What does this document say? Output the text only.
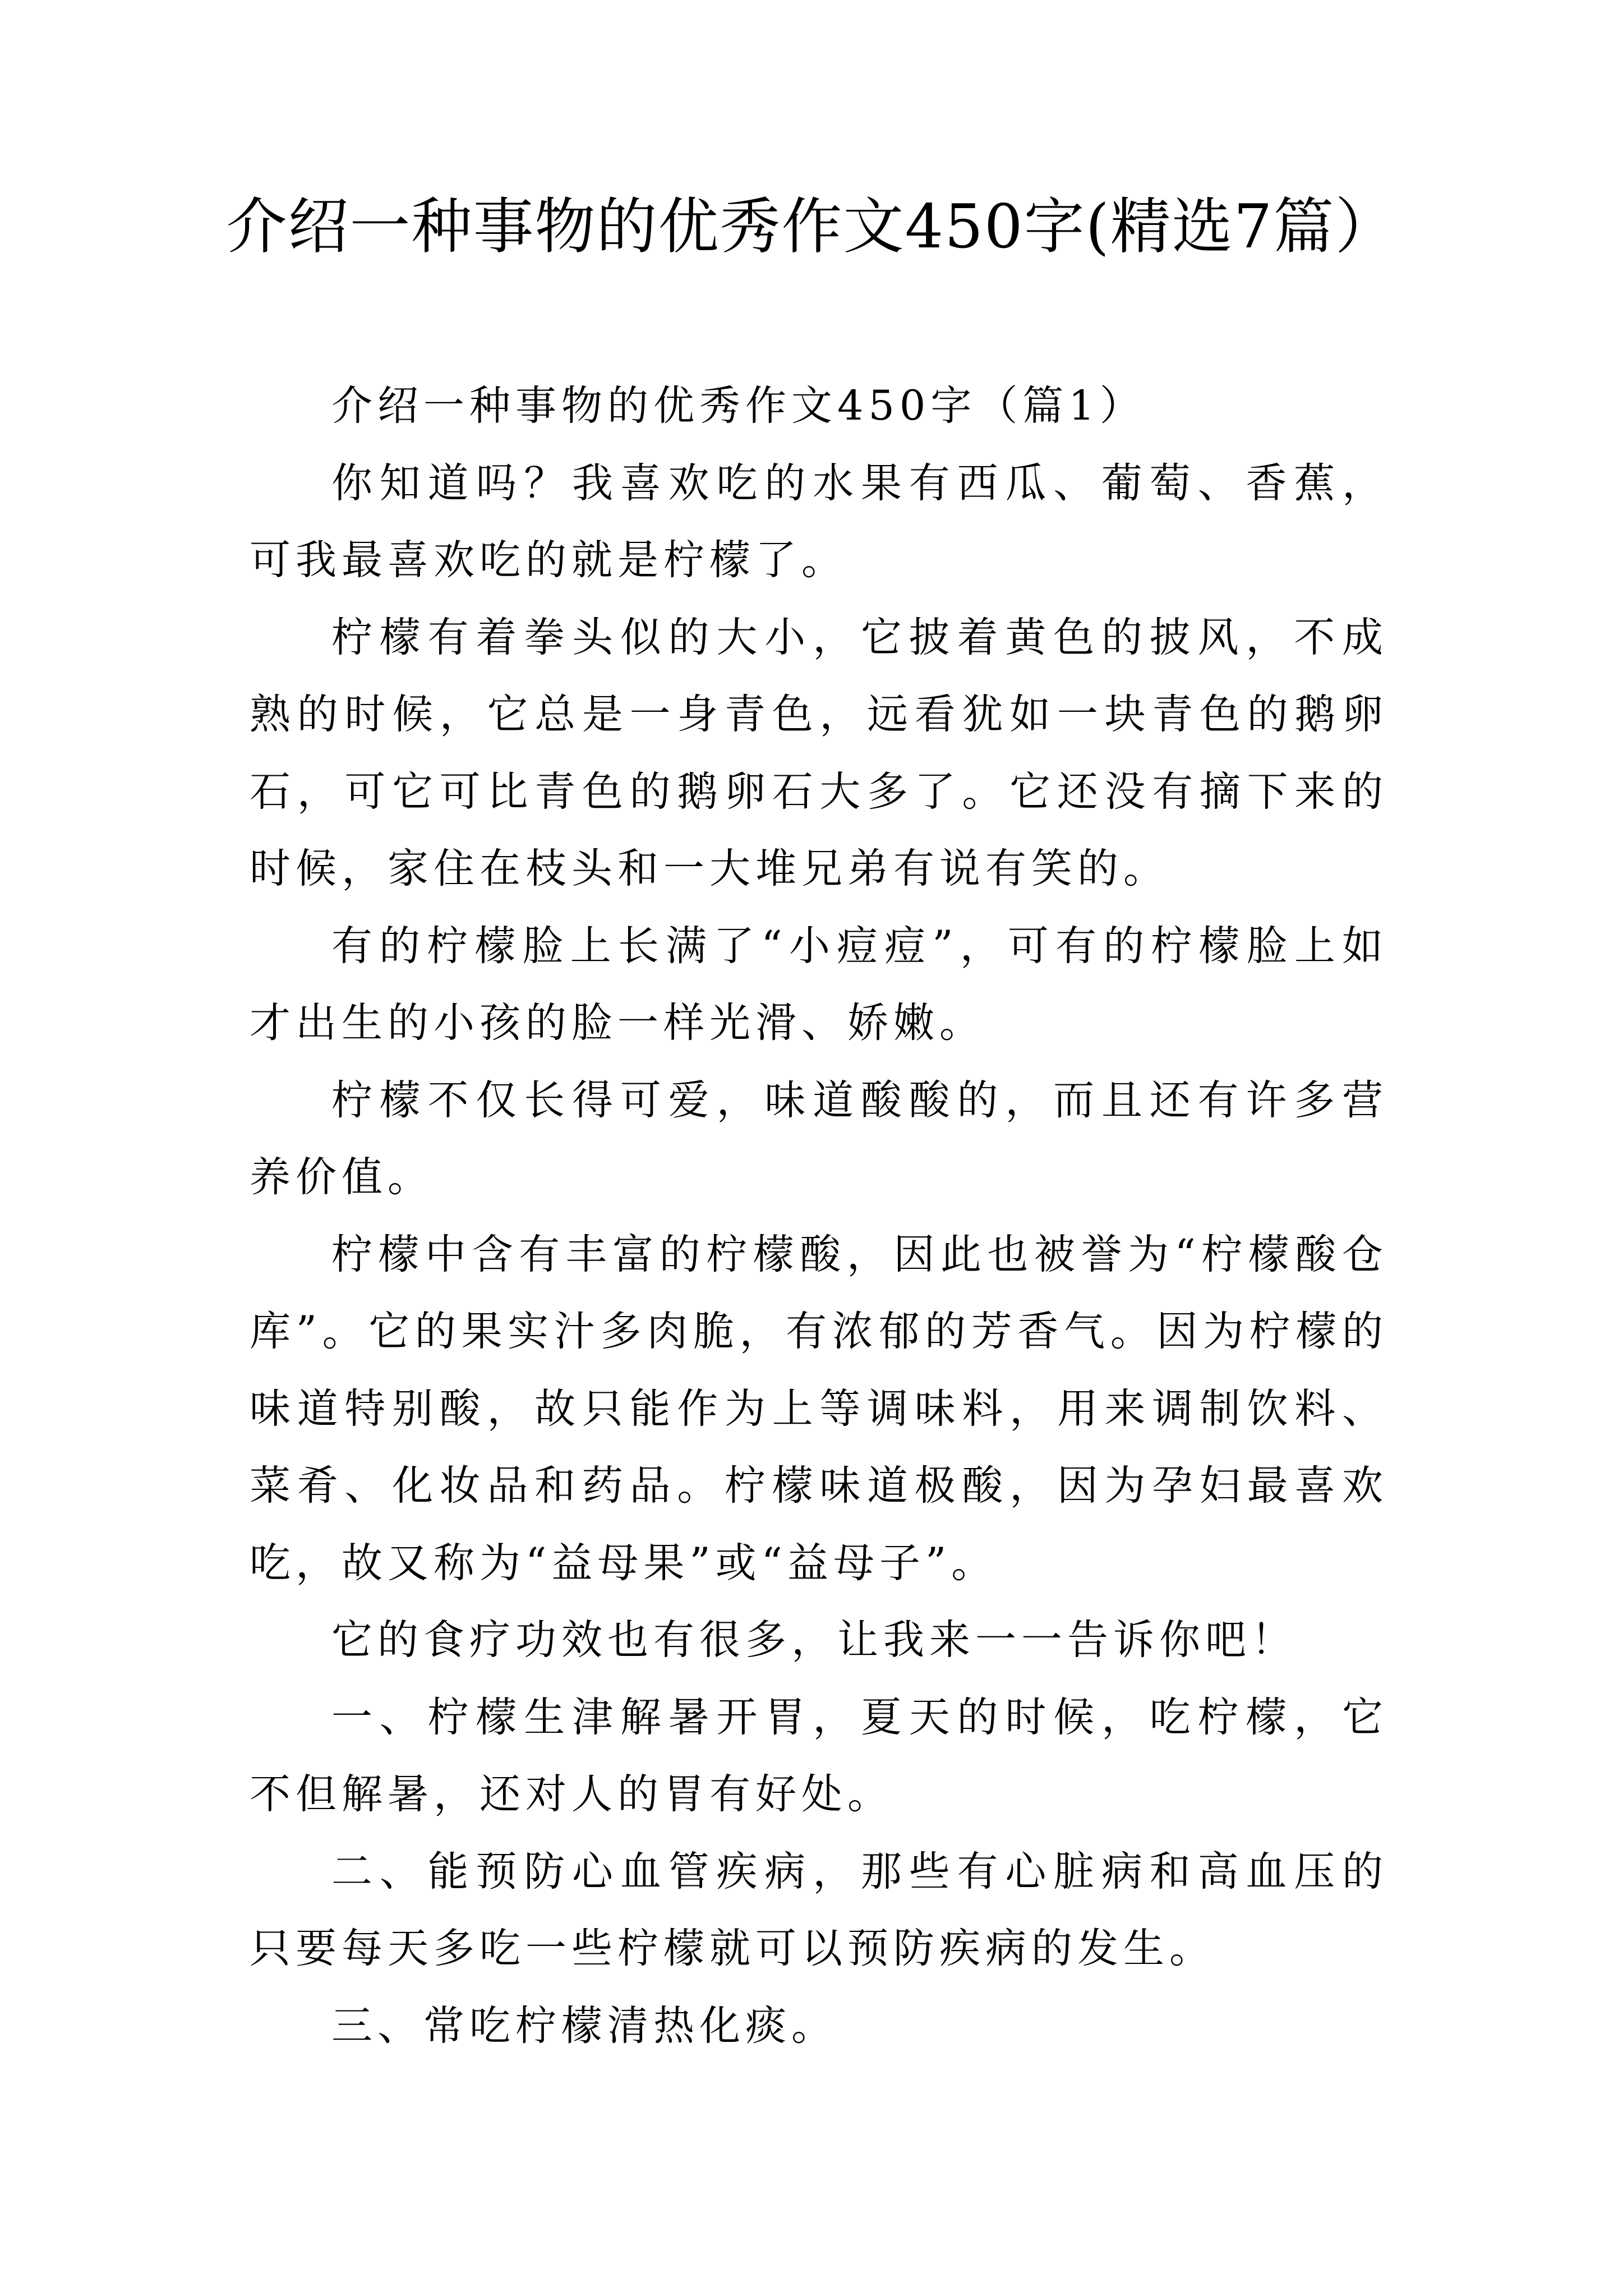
介绍一种事物的优秀作文450字(精选7篇）

介绍一种事物的优秀作文450字（篇1）

你知道吗？我喜欢吃的水果有西瓜、葡萄、香蕉，可我最喜欢吃的就是柠檬了。

柠檬有着拳头似的大小，它披着黄色的披风，不成熟的时候，它总是一身青色，远看犹如一块青色的鹅卵石，可它可比青色的鹅卵石大多了。它还没有摘下来的时候，家住在枝头和一大堆兄弟有说有笑的。

有的柠檬脸上长满了“小痘痘”，可有的柠檬脸上如才出生的小孩的脸一样光滑、娇嫩。

柠檬不仅长得可爱，味道酸酸的，而且还有许多营养价值。

柠檬中含有丰富的柠檬酸，因此也被誉为“柠檬酸仓库”。它的果实汁多肉脆，有浓郁的芳香气。因为柠檬的味道特别酸，故只能作为上等调味料，用来调制饮料、菜肴、化妆品和药品。柠檬味道极酸，因为孕妇最喜欢吃，故又称为“益母果”或“益母子”。

它的食疗功效也有很多，让我来一一告诉你吧！

一、柠檬生津解暑开胃，夏天的时候，吃柠檬，它不但解暑，还对人的胃有好处。

二、能预防心血管疾病，那些有心脏病和高血压的只要每天多吃一些柠檬就可以预防疾病的发生。

三、常吃柠檬清热化痰。
